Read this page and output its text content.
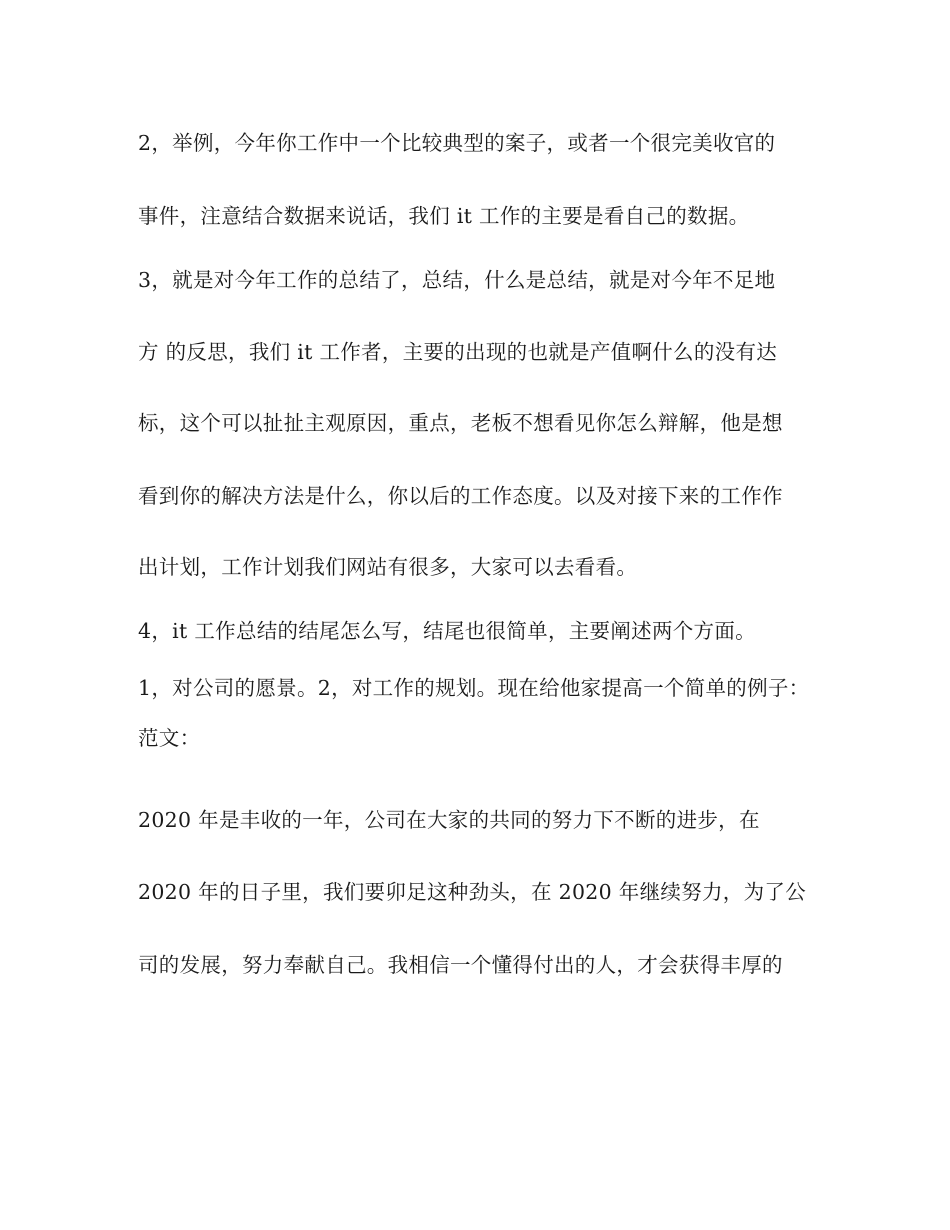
2，举例，今年你工作中一个比较典型的案子，或者一个很完美收官的
事件，注意结合数据来说话，我们 it 工作的主要是看自己的数据。
3，就是对今年工作的总结了，总结，什么是总结，就是对今年不足地
方 的反思，我们 it 工作者，主要的出现的也就是产值啊什么的没有达
标，这个可以扯扯主观原因，重点，老板不想看见你怎么辩解，他是想
看到你的解决方法是什么，你以后的工作态度。以及对接下来的工作作
出计划，工作计划我们网站有很多，大家可以去看看。
4，it 工作总结的结尾怎么写，结尾也很简单，主要阐述两个方面。
1，对公司的愿景。2，对工作的规划。现在给他家提高一个简单的例子：
范文：
2020 年是丰收的一年，公司在大家的共同的努力下不断的进步，在
2020 年的日子里，我们要卯足这种劲头，在 2020 年继续努力，为了公
司的发展，努力奉献自己。我相信一个懂得付出的人，才会获得丰厚的
